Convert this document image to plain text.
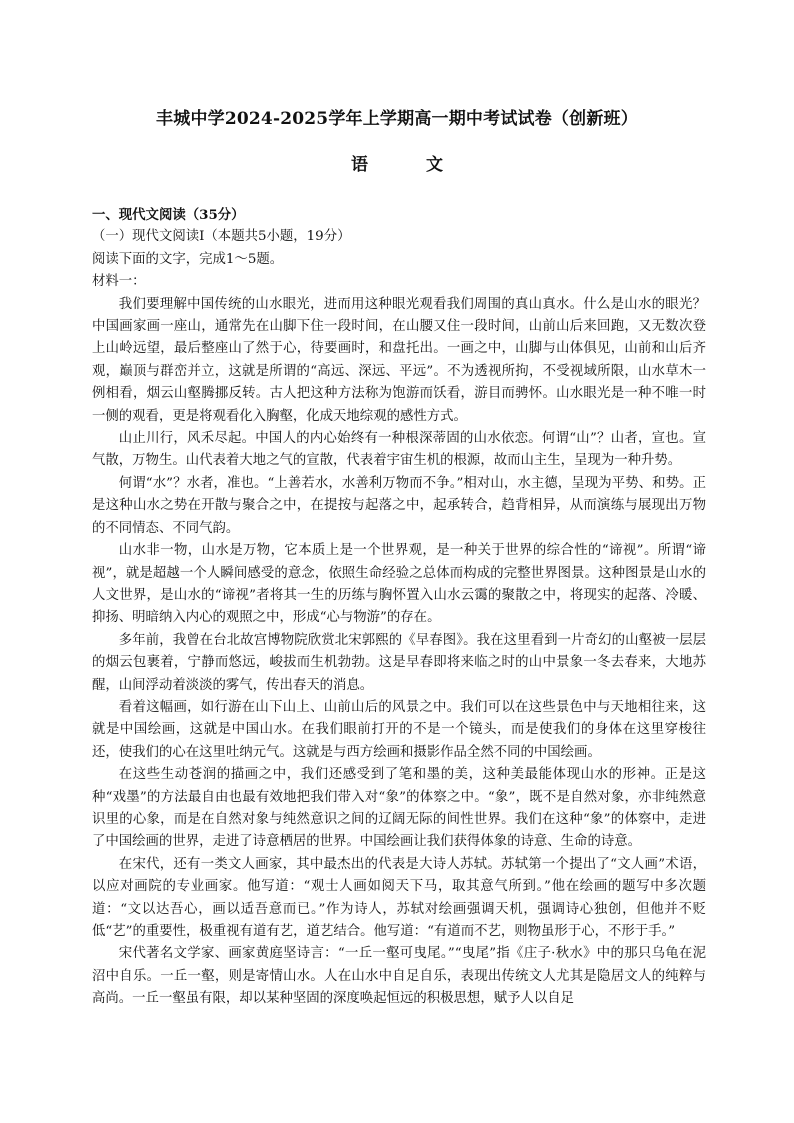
丰城中学2024-2025学年上学期高一期中考试试卷（创新班）
语 文

一、现代文阅读（35分）

（一）现代文阅读Ⅰ（本题共5小题，19分）

阅读下面的文字，完成1～5题。

材料一：

我们要理解中国传统的山水眼光，进而用这种眼光观看我们周围的真山真水。什么是山水的眼光？中国画家画一座山，通常先在山脚下住一段时间，在山腰又住一段时间，山前山后来回跑，又无数次登上山岭远望，最后整座山了然于心，待要画时，和盘托出。一画之中，山脚与山体俱见，山前和山后齐观，巅顶与群峦并立，这就是所谓的“高远、深远、平远”。不为透视所拘，不受视域所限，山水草木一例相看，烟云山壑腾挪反转。古人把这种方法称为饱游而饫看，游目而骋怀。山水眼光是一种不唯一时一侧的观看，更是将观看化入胸壑，化成天地综观的感性方式。

山止川行，风禾尽起。中国人的内心始终有一种根深蒂固的山水依恋。何谓“山”？山者，宣也。宣气散，万物生。山代表着大地之气的宣散，代表着宇宙生机的根源，故而山主生，呈现为一种升势。

何谓“水”？水者，准也。“上善若水，水善利万物而不争。”相对山，水主德，呈现为平势、和势。正是这种山水之势在开散与聚合之中，在提按与起落之中，起承转合，趋背相异，从而演练与展现出万物的不同情态、不同气韵。

山水非一物，山水是万物，它本质上是一个世界观，是一种关于世界的综合性的“谛视”。所谓“谛视”，就是超越一个人瞬间感受的意念，依照生命经验之总体而构成的完整世界图景。这种图景是山水的人文世界，是山水的“谛视”者将其一生的历练与胸怀置入山水云霭的聚散之中，将现实的起落、冷暖、抑扬、明暗纳入内心的观照之中，形成“心与物游”的存在。

多年前，我曾在台北故宫博物院欣赏北宋郭熙的《早春图》。我在这里看到一片奇幻的山壑被一层层的烟云包裹着，宁静而悠远，峻拔而生机勃勃。这是早春即将来临之时的山中景象一冬去春来，大地苏醒，山间浮动着淡淡的雾气，传出春天的消息。

看着这幅画，如行游在山下山上、山前山后的风景之中。我们可以在这些景色中与天地相往来，这就是中国绘画，这就是中国山水。在我们眼前打开的不是一个镜头，而是使我们的身体在这里穿梭往还，使我们的心在这里吐纳元气。这就是与西方绘画和摄影作品全然不同的中国绘画。

在这些生动苍润的描画之中，我们还感受到了笔和墨的美，这种美最能体现山水的形神。正是这种“戏墨”的方法最自由也最有效地把我们带入对“象”的体察之中。“象”，既不是自然对象，亦非纯然意识里的心象，而是在自然对象与纯然意识之间的辽阔无际的间性世界。我们在这种“象”的体察中，走进了中国绘画的世界，走进了诗意栖居的世界。中国绘画让我们获得体象的诗意、生命的诗意。

在宋代，还有一类文人画家，其中最杰出的代表是大诗人苏轼。苏轼第一个提出了“文人画”术语，以应对画院的专业画家。他写道：“观士人画如阅天下马，取其意气所到。”他在绘画的题写中多次题道：“文以达吾心，画以适吾意而已。”作为诗人，苏轼对绘画强调天机，强调诗心独创，但他并不贬低“艺”的重要性，极重视有道有艺，道艺结合。他写道：“有道而不艺，则物虽形于心，不形于手。”

宋代著名文学家、画家黄庭坚诗言：“一丘一壑可曳尾。”“曳尾”指《庄子·秋水》中的那只乌龟在泥沼中自乐。一丘一壑，则是寄情山水。人在山水中自足自乐，表现出传统文人尤其是隐居文人的纯粹与高尚。一丘一壑虽有限，却以某种坚固的深度唤起恒远的积极思想，赋予人以自足
